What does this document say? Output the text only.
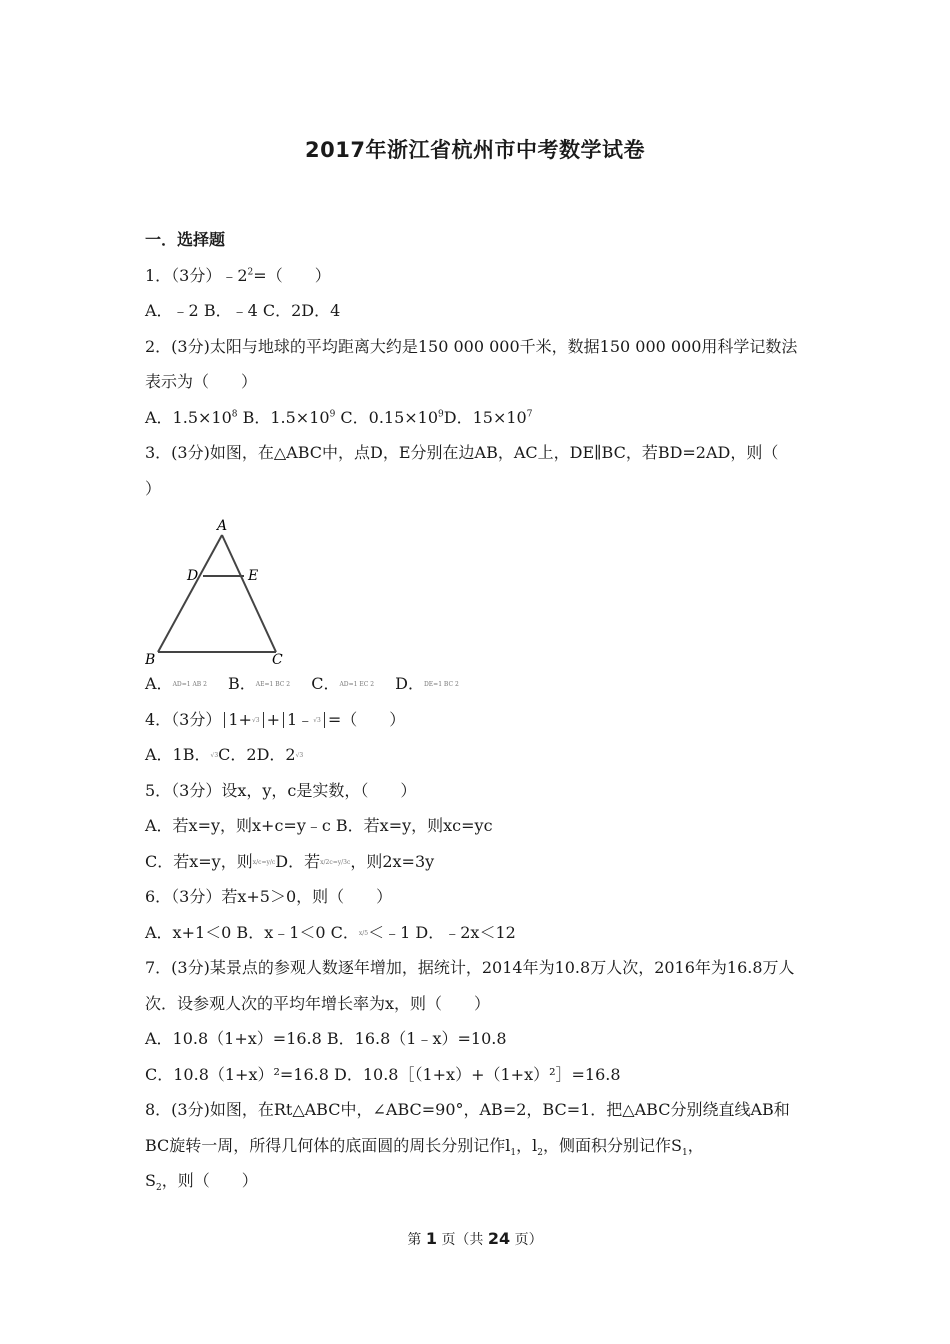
2017年浙江省杭州市中考数学试卷
一．选择题
1．（3分）$﹣2^2=$（　　）
A．﹣2 B．﹣4 C．2D．4
2．(3分)太阳与地球的平均距离大约是150 000 000千米，数据150 000 000用科学记数法表示为（　　）
A．$1.5\times 10^8$ B．$1.5\times 10^9$ C．$0.15\times 10^9D$．$15\times 10^7$
3．(3分)如图，在△ABC中，点D，E分别在边AB，AC上，DE∥BC，若BD=2AD，则（
）
A
D	E
B	C
A．AD=1 AB 2　 B．AE=1 BC 2　 C．AD=1 EC 2　 D．DE=1 BC 2
4．（3分） 1+√3 + 1﹣√3 =（　　）
A．1B．√3C．2D．2√3
5．（3分）设x，y，c是实数，（　　）
A．若x=y，则x+c=y﹣c B．若x=y，则xc=yc
C．若x=y，则x/c=y/cD．若x/2c=y/3c，则2x=3y
6．（3分）若x+5＞0，则（　　）
A．x+1＜0 B．x﹣1＜0 C．x/5＜﹣1 D．﹣2x＜12
7．(3分)某景点的参观人数逐年增加，据统计，2014年为10.8万人次，2016年为16.8万人次．设参观人次的平均年增长率为x，则（　　）
A．10.8（1+x）=16.8 B．16.8（1﹣x）=10.8
C．10.8（1+x）²=16.8 D．10.8［（1+x）+（1+x）²］=16.8
8．(3分)如图，在Rt△ABC中，∠ABC=90°，AB=2，BC=1．把△ABC分别绕直线AB和BC旋转一周，所得几何体的底面圆的周长分别记作$l_1$，$l_2$，侧面积分别记作$S_1$，$S_2$，则（　　）
第 1 页（共 24 页）
